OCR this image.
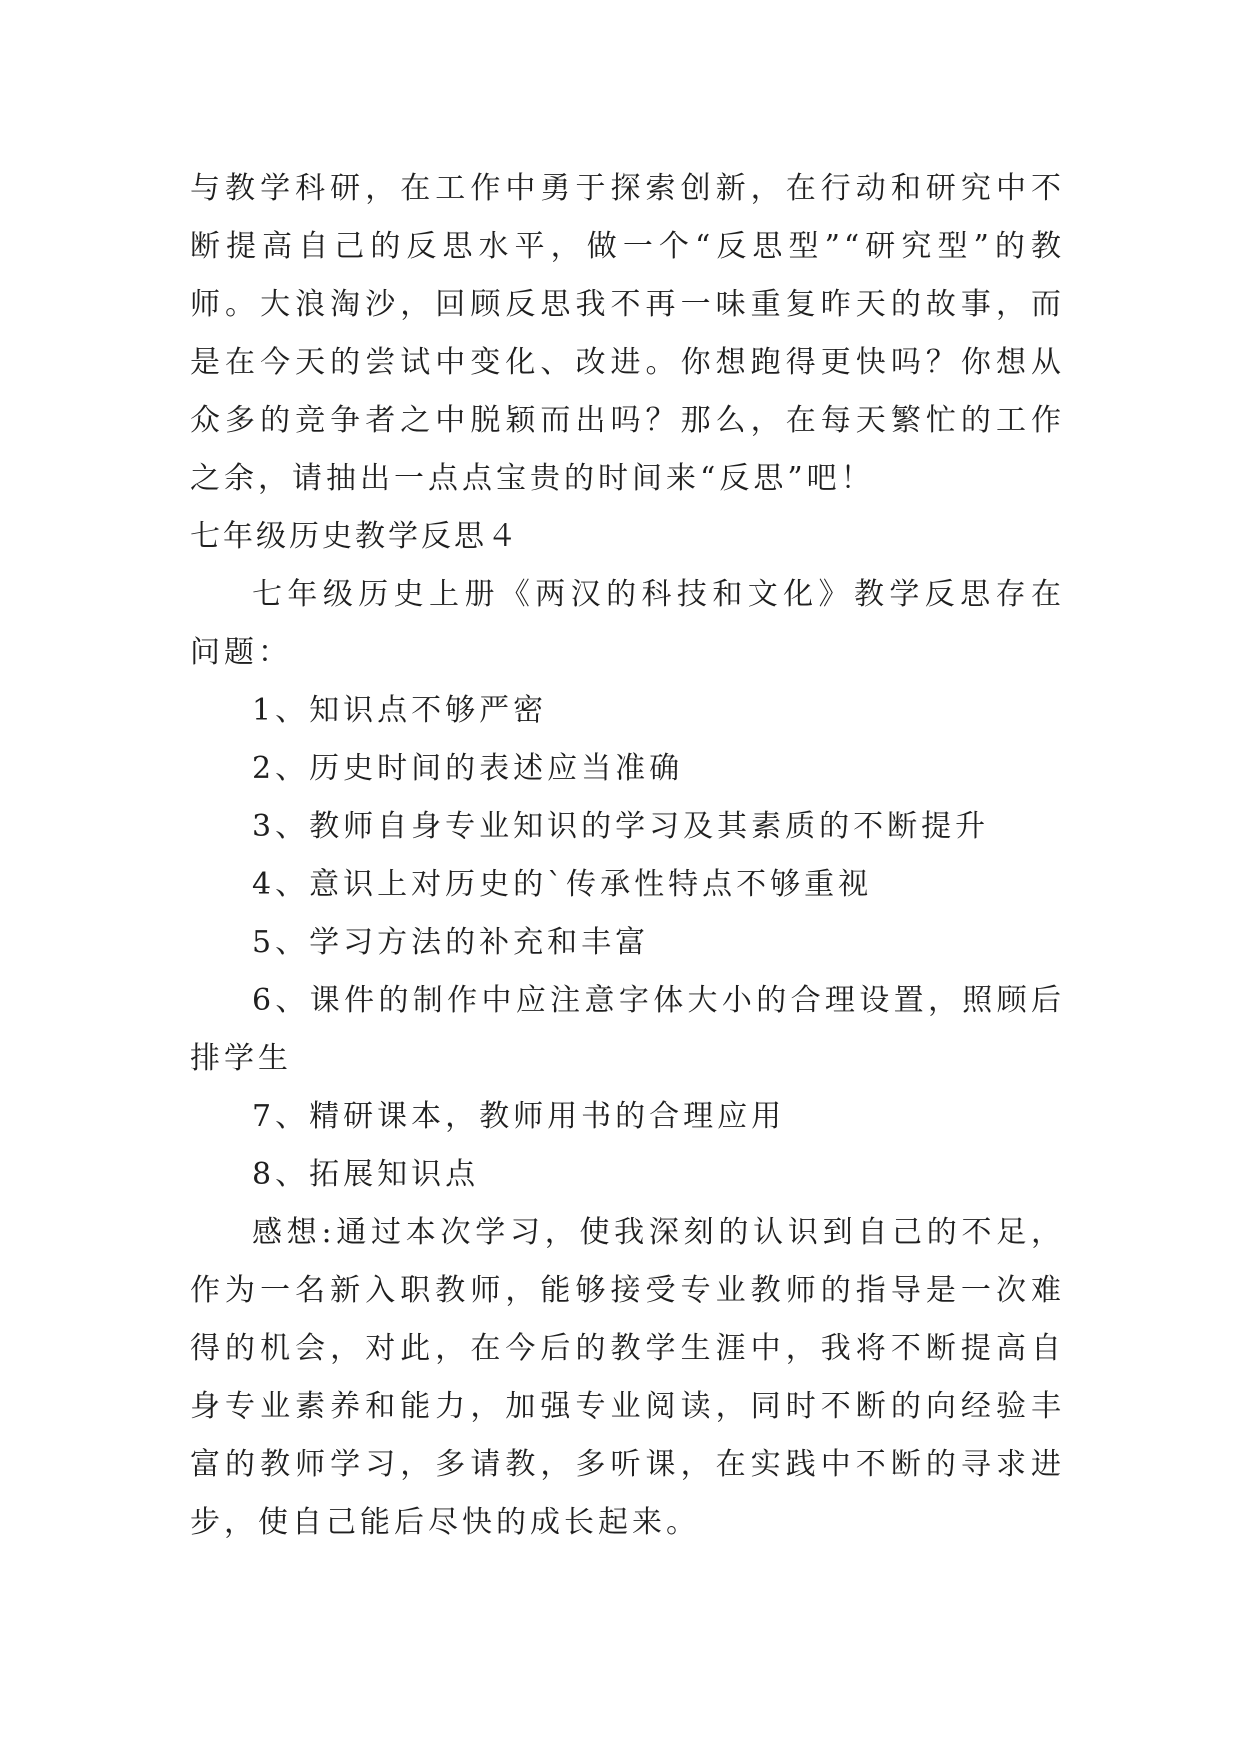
与教学科研，在工作中勇于探索创新，在行动和研究中不断提高自己的反思水平，做一个“反思型”“研究型”的教师。大浪淘沙，回顾反思我不再一味重复昨天的故事，而是在今天的尝试中变化、改进。你想跑得更快吗？你想从众多的竞争者之中脱颖而出吗？那么，在每天繁忙的工作之余，请抽出一点点宝贵的时间来“反思”吧！

七年级历史教学反思４

七年级历史上册《两汉的科技和文化》教学反思存在问题：

1、知识点不够严密

2、历史时间的表述应当准确

3、教师自身专业知识的学习及其素质的不断提升

4、意识上对历史的`传承性特点不够重视

5、学习方法的补充和丰富

6、课件的制作中应注意字体大小的合理设置，照顾后排学生

7、精研课本，教师用书的合理应用

8、拓展知识点

感想:通过本次学习，使我深刻的认识到自己的不足，作为一名新入职教师，能够接受专业教师的指导是一次难得的机会，对此，在今后的教学生涯中，我将不断提高自身专业素养和能力，加强专业阅读，同时不断的向经验丰富的教师学习，多请教，多听课，在实践中不断的寻求进步，使自己能后尽快的成长起来。
